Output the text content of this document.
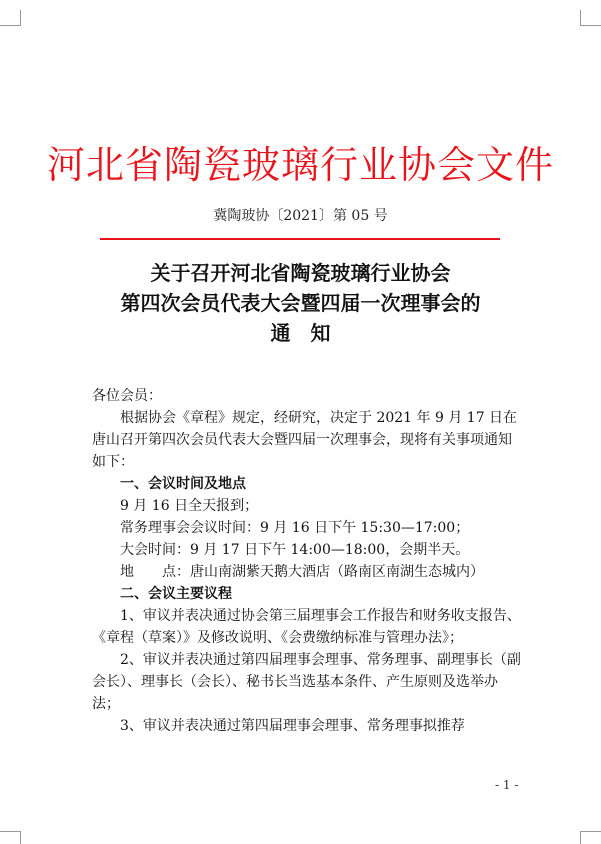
河北省陶瓷玻璃行业协会文件
冀陶玻协〔2021〕第 05 号
关于召开河北省陶瓷玻璃行业协会
第四次会员代表大会暨四届一次理事会的
通　知

各位会员：

根据协会《章程》规定，经研究，决定于 2021 年 9 月 17 日在唐山召开第四次会员代表大会暨四届一次理事会，现将有关事项通知如下：

一、会议时间及地点

9 月 16 日全天报到；

常务理事会会议时间：9 月 16 日下午 15:30—17:00；

大会时间：9 月 17 日下午 14:00—18:00，会期半天。

地　　点：唐山南湖紫天鹅大酒店（路南区南湖生态城内）

二、会议主要议程

1、审议并表决通过协会第三届理事会工作报告和财务收支报告、《章程（草案）》及修改说明、《会费缴纳标准与管理办法》；

2、审议并表决通过第四届理事会理事、常务理事、副理事长（副会长）、理事长（会长）、秘书长当选基本条件、产生原则及选举办法；

3、审议并表决通过第四届理事会理事、常务理事拟推荐

- 1 -
